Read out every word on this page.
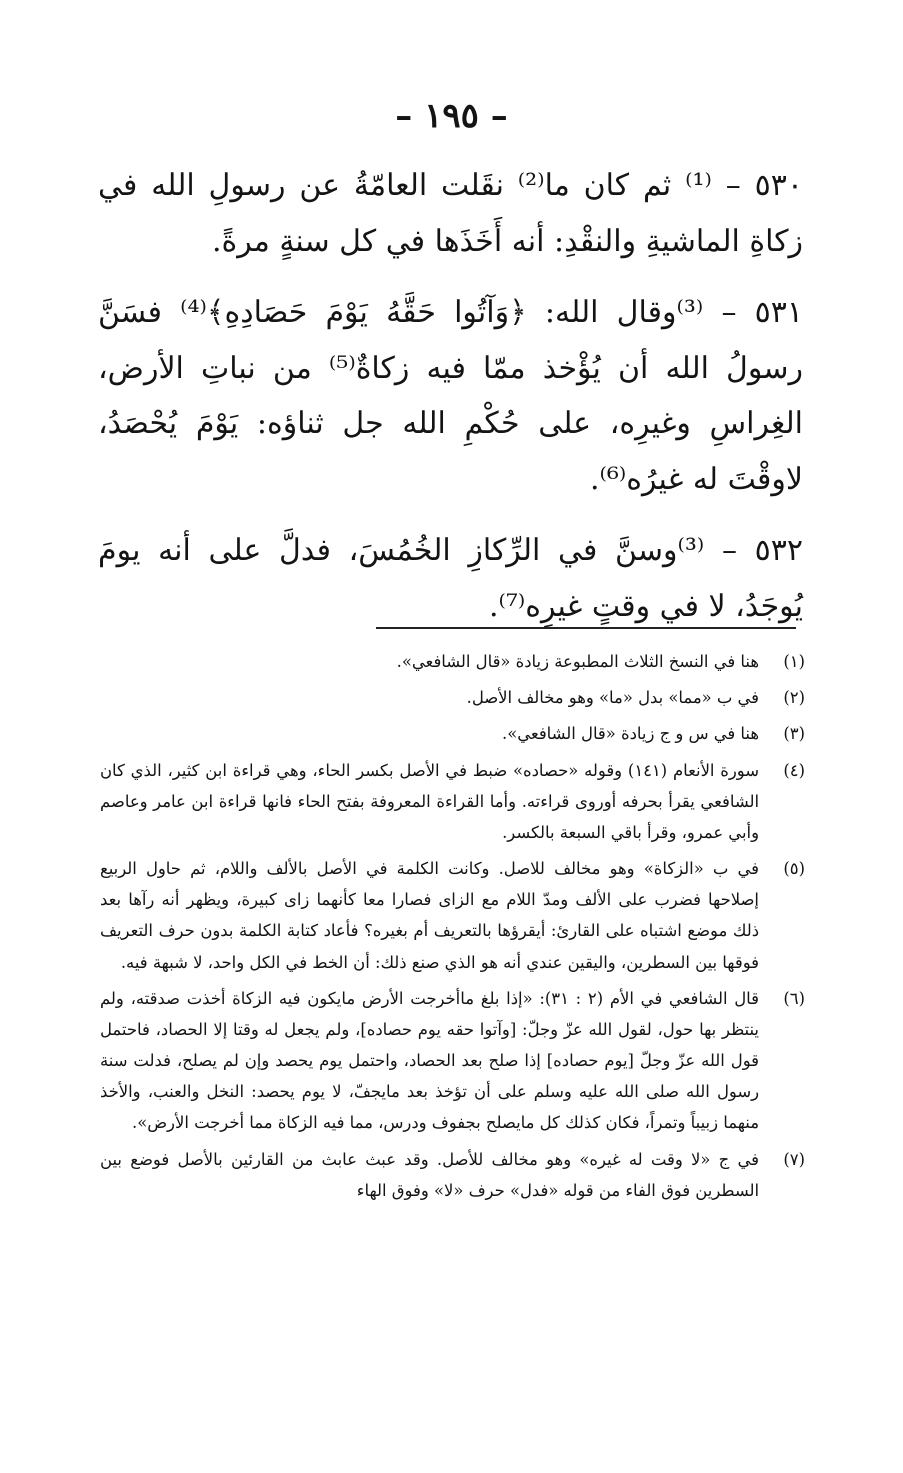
– ١٩٥ –

٥٣٠ – ⁽¹⁾ ثم كان ما⁽²⁾ نقَلت العامّةُ عن رسولِ الله في زكاةِ الماشيةِ والنقْدِ: أنه أَخَذَها في كل سنةٍ مرةً.

٥٣١ – ⁽³⁾وقال الله: ﴿وَآتُوا حَقَّهُ يَوْمَ حَصَادِهِ﴾⁽⁴⁾ فسَنَّ رسولُ الله أن يُؤْخذ ممّا فيه زكاةٌ⁽⁵⁾ من نباتِ الأرض، الغِراسِ وغيرِه، على حُكْمِ الله جل ثناؤه: يَوْمَ يُحْصَدُ، لاوقْتَ له غيرُه⁽⁶⁾.

٥٣٢ – ⁽³⁾وسنَّ في الرِّكازِ الخُمُسَ، فدلَّ على أنه يومَ يُوجَدُ، لا في وقتٍ غيرِه⁽⁷⁾.

(١)
هنا في النسخ الثلاث المطبوعة زيادة «قال الشافعي».
(٢)
في ب «مما» بدل «ما» وهو مخالف الأصل.
(٣)
هنا في س و ج زيادة «قال الشافعي».
(٤)
سورة الأنعام (١٤١) وقوله «حصاده» ضبط في الأصل بكسر الحاء، وهي قراءة ابن كثير، الذي كان الشافعي يقرأ بحرفه أوروى قراءته. وأما القراءة المعروفة بفتح الحاء فانها قراءة ابن عامر وعاصم وأبي عمرو، وقرأ باقي السبعة بالكسر.
(٥)
في ب «الزكاة» وهو مخالف للاصل. وكانت الكلمة في الأصل بالألف واللام، ثم حاول الربيع إصلاحها فضرب على الألف ومدّ اللام مع الزاى فصارا معا كأنهما زاى كبيرة، ويظهر أنه رآها بعد ذلك موضع اشتباه على القارئ: أيقرؤها بالتعريف أم بغيره؟ فأعاد كتابة الكلمة بدون حرف التعريف فوقها بين السطرين، واليقين عندي أنه هو الذي صنع ذلك: أن الخط في الكل واحد، لا شبهة فيه.
(٦)
قال الشافعي في الأم (٢ : ٣١): «إذا بلغ ماأخرجت الأرض مايكون فيه الزكاة أخذت صدقته، ولم ينتظر بها حول، لقول الله عزّ وجلّ: [وآتوا حقه يوم حصاده]، ولم يجعل له وقتا إلا الحصاد، فاحتمل قول الله عزّ وجلّ [يوم حصاده] إذا صلح بعد الحصاد، واحتمل يوم يحصد وإن لم يصلح، فدلت سنة رسول الله صلى الله عليه وسلم على أن تؤخذ بعد مايجفّ، لا يوم يحصد: النخل والعنب، والأخذ منهما زبيباً وتمراً، فكان كذلك كل مايصلح بجفوف ودرس، مما فيه الزكاة مما أخرجت الأرض».
(٧)
في ج «لا وقت له غيره» وهو مخالف للأصل. وقد عبث عابث من القارئين بالأصل فوضع بين السطرين فوق الفاء من قوله «فدل» حرف «لا» وفوق الهاء
